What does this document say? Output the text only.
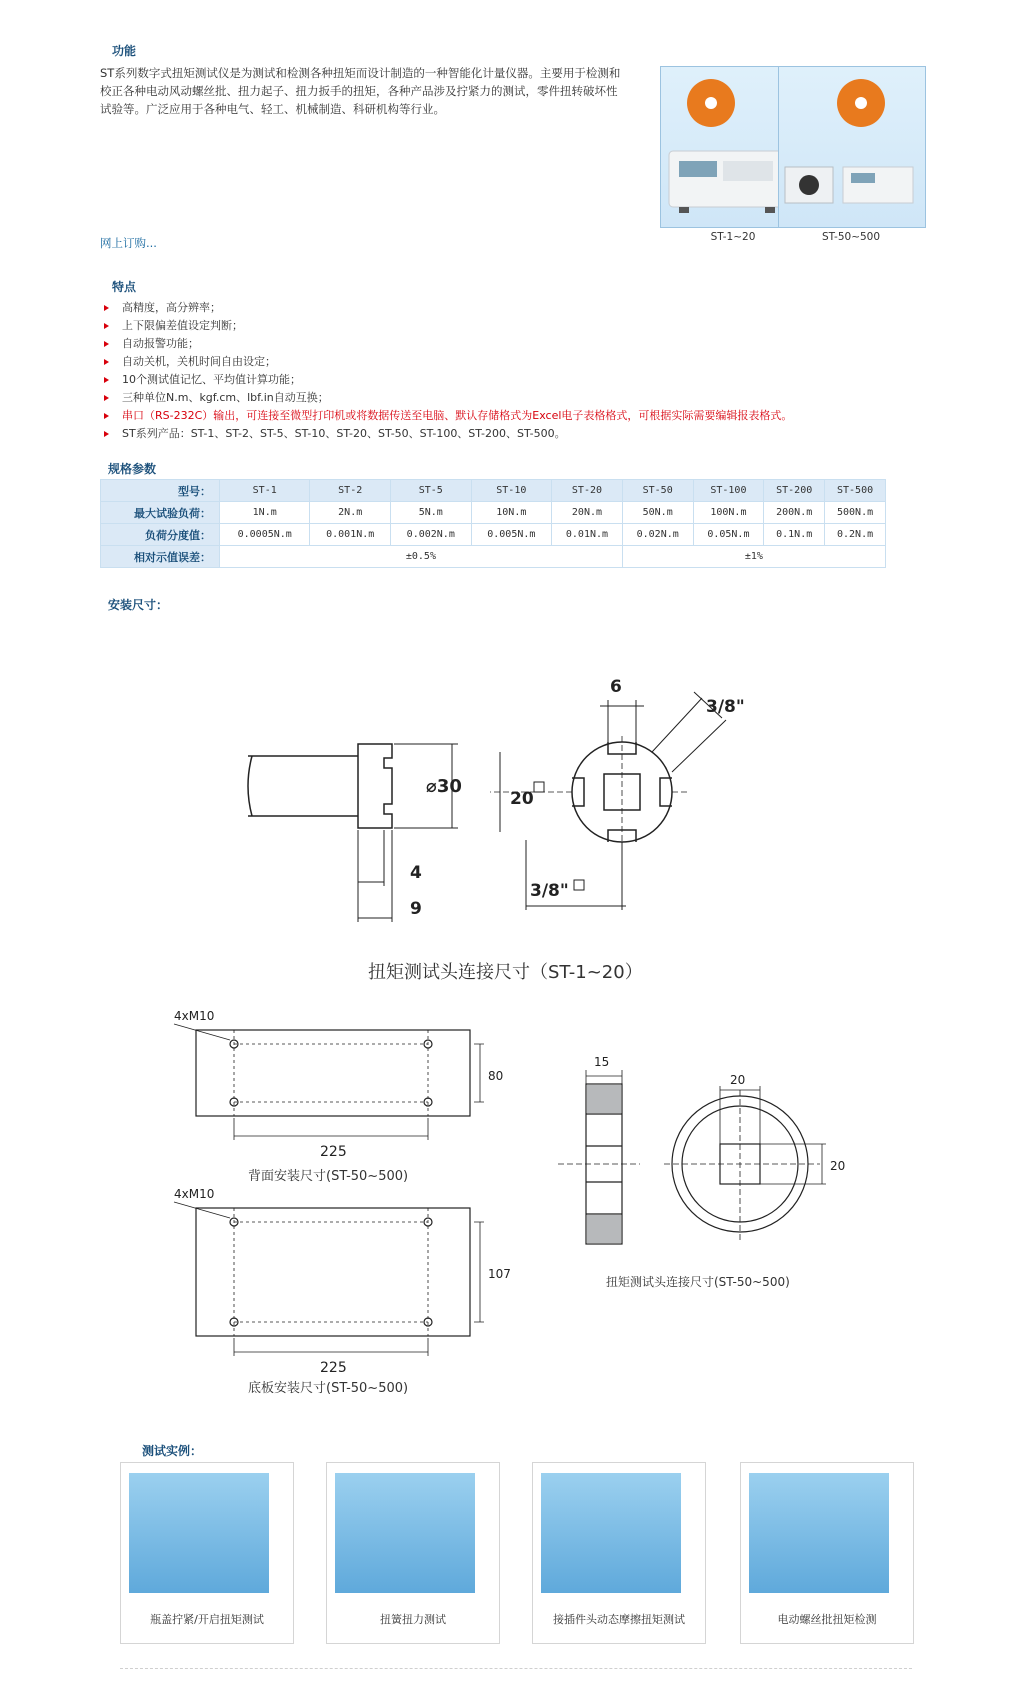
功能
ST系列数字式扭矩测试仪是为测试和检测各种扭矩而设计制造的一种智能化计量仪器。主要用于检测和
校正各种电动风动螺丝批、扭力起子、扭力扳手的扭矩，各种产品涉及拧紧力的测试，零件扭转破坏性
试验等。广泛应用于各种电气、轻工、机械制造、科研机构等行业。
网上订购...	ST-1~20	ST-50~500
特点
高精度，高分辨率；
上下限偏差值设定判断；
自动报警功能；
自动关机，关机时间自由设定；
10个测试值记忆、平均值计算功能；
三种单位N.m、kgf.cm、lbf.in自动互换；
串口（RS-232C）输出，可连接至微型打印机或将数据传送至电脑、默认存储格式为Excel电子表格格式，可根据实际需要编辑报表格式。
ST系列产品：ST-1、ST-2、ST-5、ST-10、ST-20、ST-50、ST-100、ST-200、ST-500。
规格参数
型号：	ST-1	ST-2	ST-5	ST-10	ST-20	ST-50	ST-100	ST-200	ST-500
最大试验负荷：	1N.m	2N.m	5N.m	10N.m	20N.m	50N.m	100N.m	200N.m	500N.m
负荷分度值：	0.0005N.m	0.001N.m	0.002N.m	0.005N.m	0.01N.m	0.02N.m	0.05N.m	0.1N.m	0.2N.m
相对示值误差：	±0.5%					±1%			
安装尺寸：
⌀30
4
9
6
3/8"
20
3/8"
扭矩测试头连接尺寸（ST-1~20）
4xM10
80
225
背面安装尺寸(ST-50~500)
4xM10
107
225
底板安装尺寸(ST-50~500)
15
20
20
扭矩测试头连接尺寸(ST-50~500)
测试实例：
瓶盖拧紧/开启扭矩测试	扭簧扭力测试	接插件头动态摩擦扭矩测试	电动螺丝批扭矩检测
